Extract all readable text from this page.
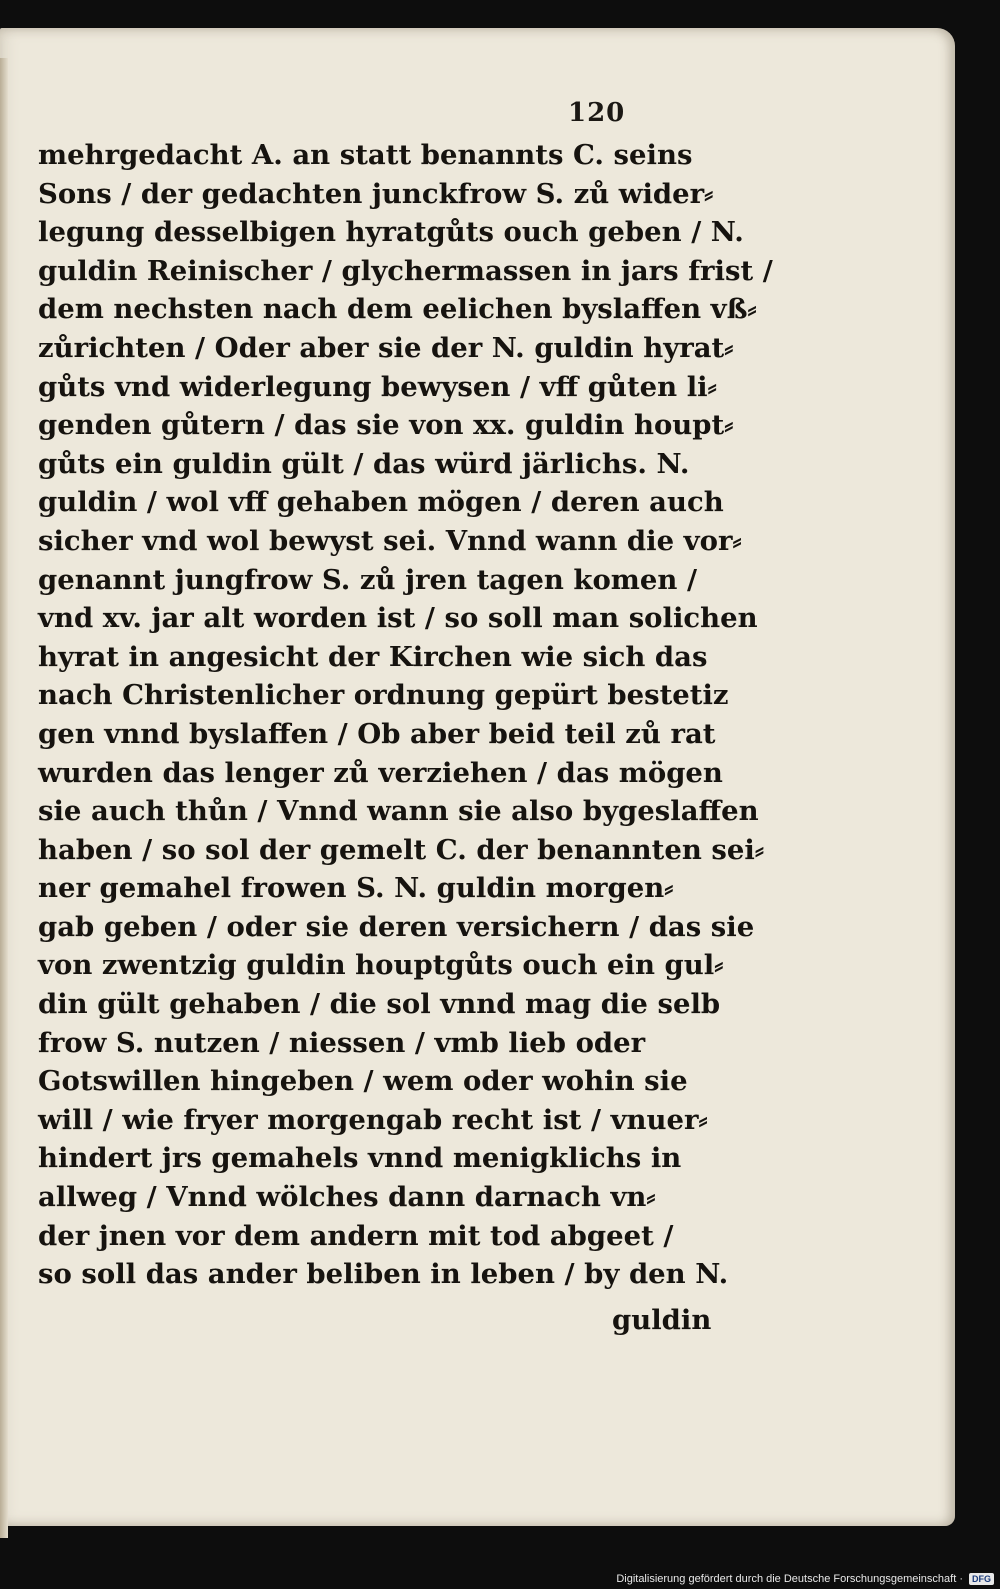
120
mehrgedacht A. an statt benannts C. seins
Sons / der gedachten junckfrow S. zů wider⸗
legung desselbigen hyratgůts ouch geben / N.
guldin Reinischer / glychermassen in jars frist /
dem nechsten nach dem eelichen byslaffen vß⸗
zůrichten / Oder aber sie der N. guldin hyrat⸗
gůts vnd widerlegung bewysen / vff gůten li⸗
genden gůtern / das sie von xx. guldin houpt⸗
gůts ein guldin gült / das würd järlichs. N.
guldin / wol vff gehaben mögen / deren auch
sicher vnd wol bewyst sei. Vnnd wann die vor⸗
genannt jungfrow S. zů jren tagen komen /
vnd xv. jar alt worden ist / so soll man solichen
hyrat in angesicht der Kirchen wie sich das
nach Christenlicher ordnung gepürt bestetiz
gen vnnd byslaffen / Ob aber beid teil zů rat
wurden das lenger zů verziehen / das mögen
sie auch thůn / Vnnd wann sie also bygeslaffen
haben / so sol der gemelt C. der benannten sei⸗
ner gemahel frowen S. N. guldin morgen⸗
gab geben / oder sie deren versichern / das sie
von zwentzig guldin houptgůts ouch ein gul⸗
din gült gehaben / die sol vnnd mag die selb
frow S. nutzen / niessen / vmb lieb oder
Gotswillen hingeben / wem oder wohin sie
will / wie fryer morgengab recht ist / vnuer⸗
hindert jrs gemahels vnnd menigklichs in
allweg / Vnnd wölches dann darnach vn⸗
der jnen vor dem andern mit tod abgeet /
so soll das ander beliben in leben / by den N.
guldin
Digitalisierung gefördert durch die Deutsche Forschungsgemeinschaft ·	DFG
